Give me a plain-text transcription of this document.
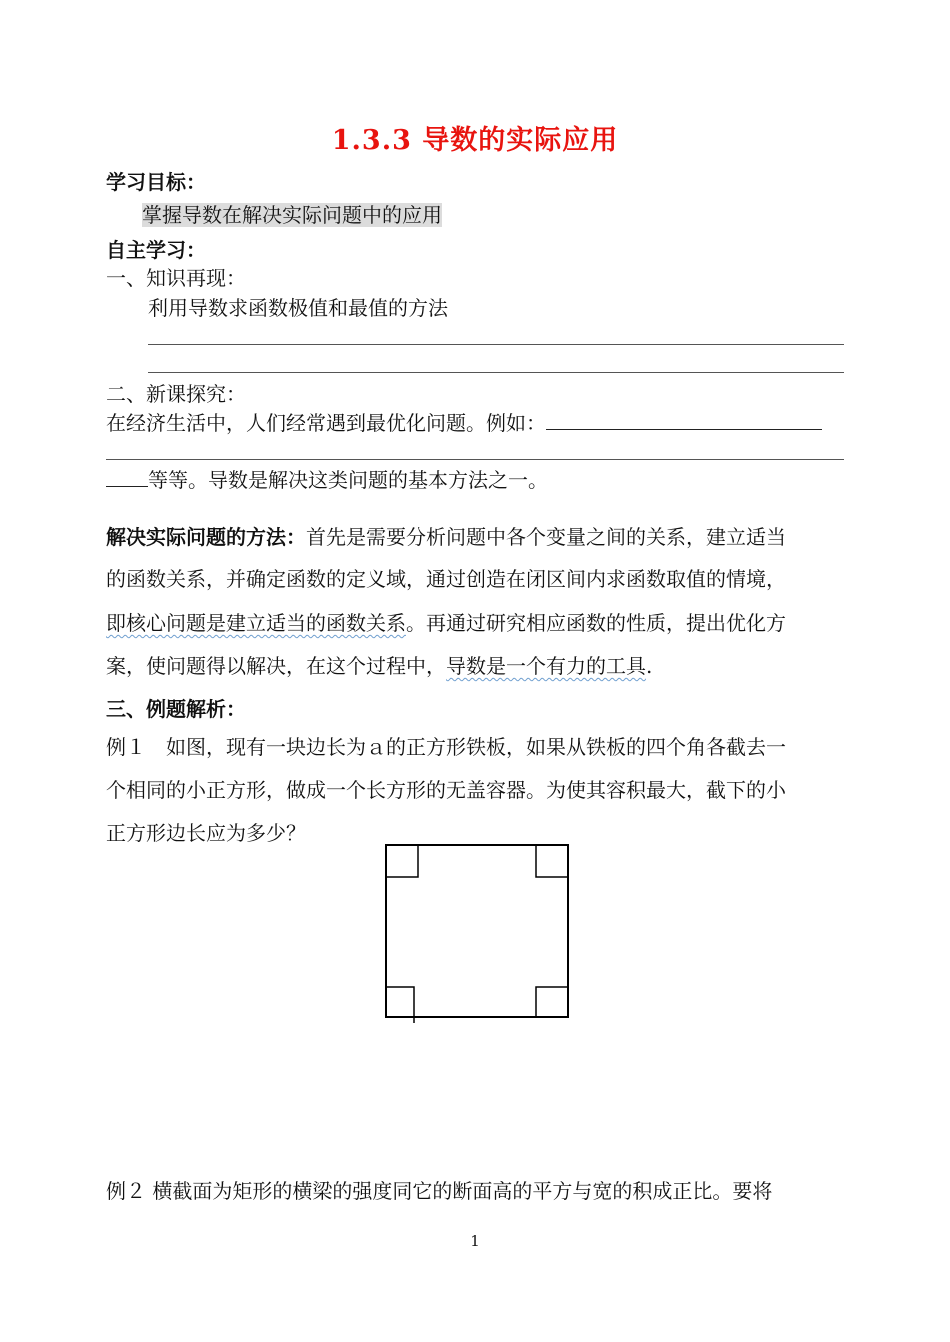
1.3.3 导数的实际应用
学习目标：
掌握导数在解决实际问题中的应用
自主学习：
一、知识再现：
利用导数求函数极值和最值的方法
二、新课探究：
在经济生活中，人们经常遇到最优化问题。例如：
等等。导数是解决这类问题的基本方法之一。
解决实际问题的方法：首先是需要分析问题中各个变量之间的关系，建立适当
的函数关系，并确定函数的定义域，通过创造在闭区间内求函数取值的情境，
即核心问题是建立适当的函数关系。再通过研究相应函数的性质，提出优化方
案，使问题得以解决，在这个过程中，导数是一个有力的工具.
三、例题解析：
例１　如图，现有一块边长为ａ的正方形铁板，如果从铁板的四个角各截去一
个相同的小正方形，做成一个长方形的无盖容器。为使其容积最大，截下的小
正方形边长应为多少？
例２ 横截面为矩形的横梁的强度同它的断面高的平方与宽的积成正比。要将
1
